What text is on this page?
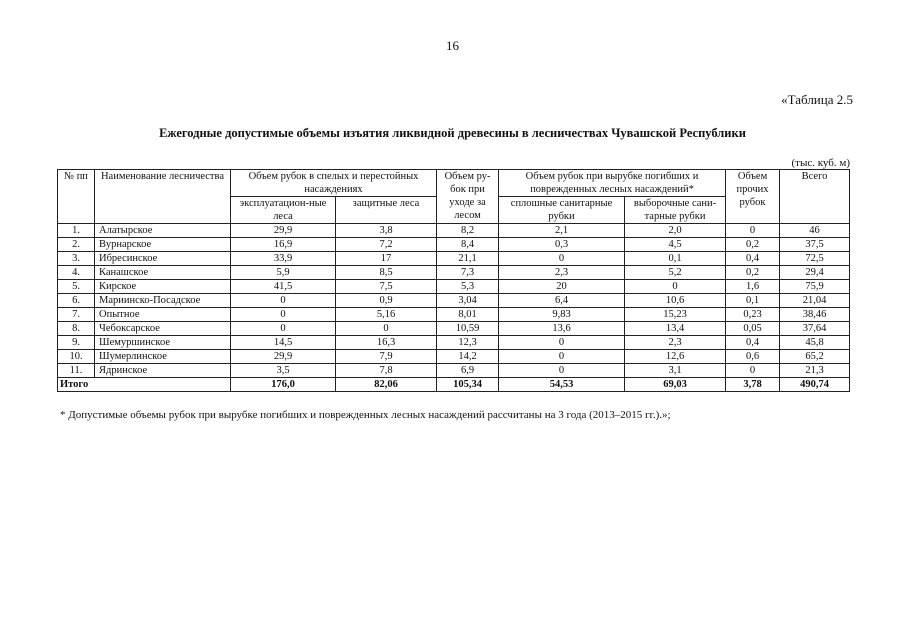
16
«Таблица 2.5
Ежегодные допустимые объемы изъятия ликвидной древесины в лесничествах Чувашской Республики
(тыс. куб. м)
№ пп	Наименование лесничества	Объем рубок в спелых и перестойных насаждениях		Объем ру-бок при уходе за лесом	Объем рубок при вырубке погибших и поврежденных лесных насаждений*		Объем прочих рубок	Всего
		эксплуатацион-ные леса	защитные леса		сплошные санитарные рубки	выборочные сани-тарные рубки		
1.	Алатырское	29,9	3,8	8,2	2,1	2,0	0	46
2.	Вурнарское	16,9	7,2	8,4	0,3	4,5	0,2	37,5
3.	Ибресинское	33,9	17	21,1	0	0,1	0,4	72,5
4.	Канашское	5,9	8,5	7,3	2,3	5,2	0,2	29,4
5.	Кирское	41,5	7,5	5,3	20	0	1,6	75,9
6.	Мариинско-Посадское	0	0,9	3,04	6,4	10,6	0,1	21,04
7.	Опытное	0	5,16	8,01	9,83	15,23	0,23	38,46
8.	Чебоксарское	0	0	10,59	13,6	13,4	0,05	37,64
9.	Шемуршинское	14,5	16,3	12,3	0	2,3	0,4	45,8
10.	Шумерлинское	29,9	7,9	14,2	0	12,6	0,6	65,2
11.	Ядринское	3,5	7,8	6,9	0	3,1	0	21,3
Итого		176,0	82,06	105,34	54,53	69,03	3,78	490,74
* Допустимые объемы рубок при вырубке погибших и поврежденных лесных насаждений рассчитаны на 3 года (2013–2015 гг.).»;
